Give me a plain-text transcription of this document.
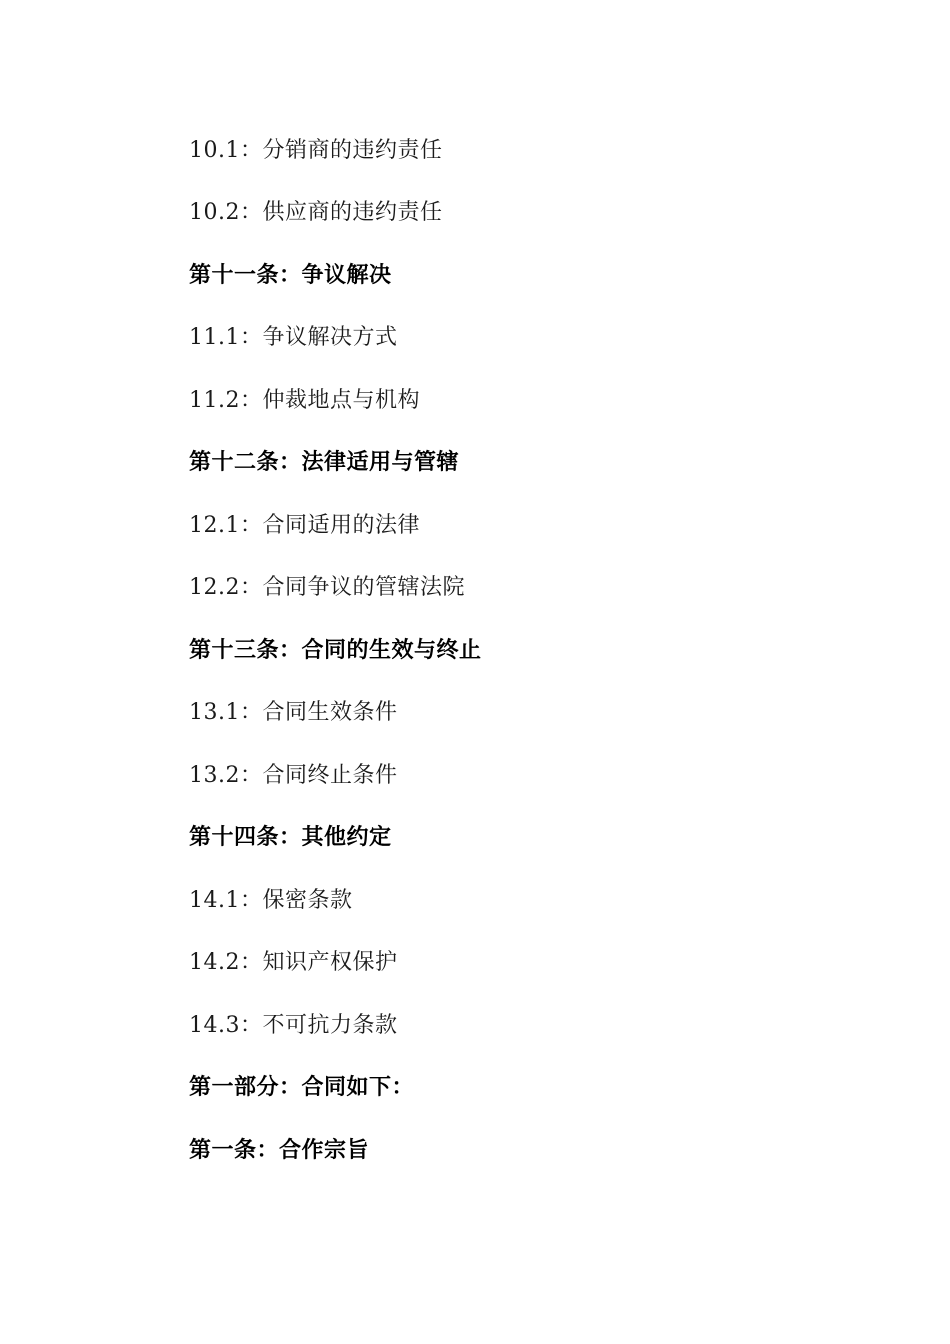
10.1：分销商的违约责任
10.2：供应商的违约责任
第十一条：争议解决
11.1：争议解决方式
11.2：仲裁地点与机构
第十二条：法律适用与管辖
12.1：合同适用的法律
12.2：合同争议的管辖法院
第十三条：合同的生效与终止
13.1：合同生效条件
13.2：合同终止条件
第十四条：其他约定
14.1：保密条款
14.2：知识产权保护
14.3：不可抗力条款
第一部分：合同如下：
第一条：合作宗旨
